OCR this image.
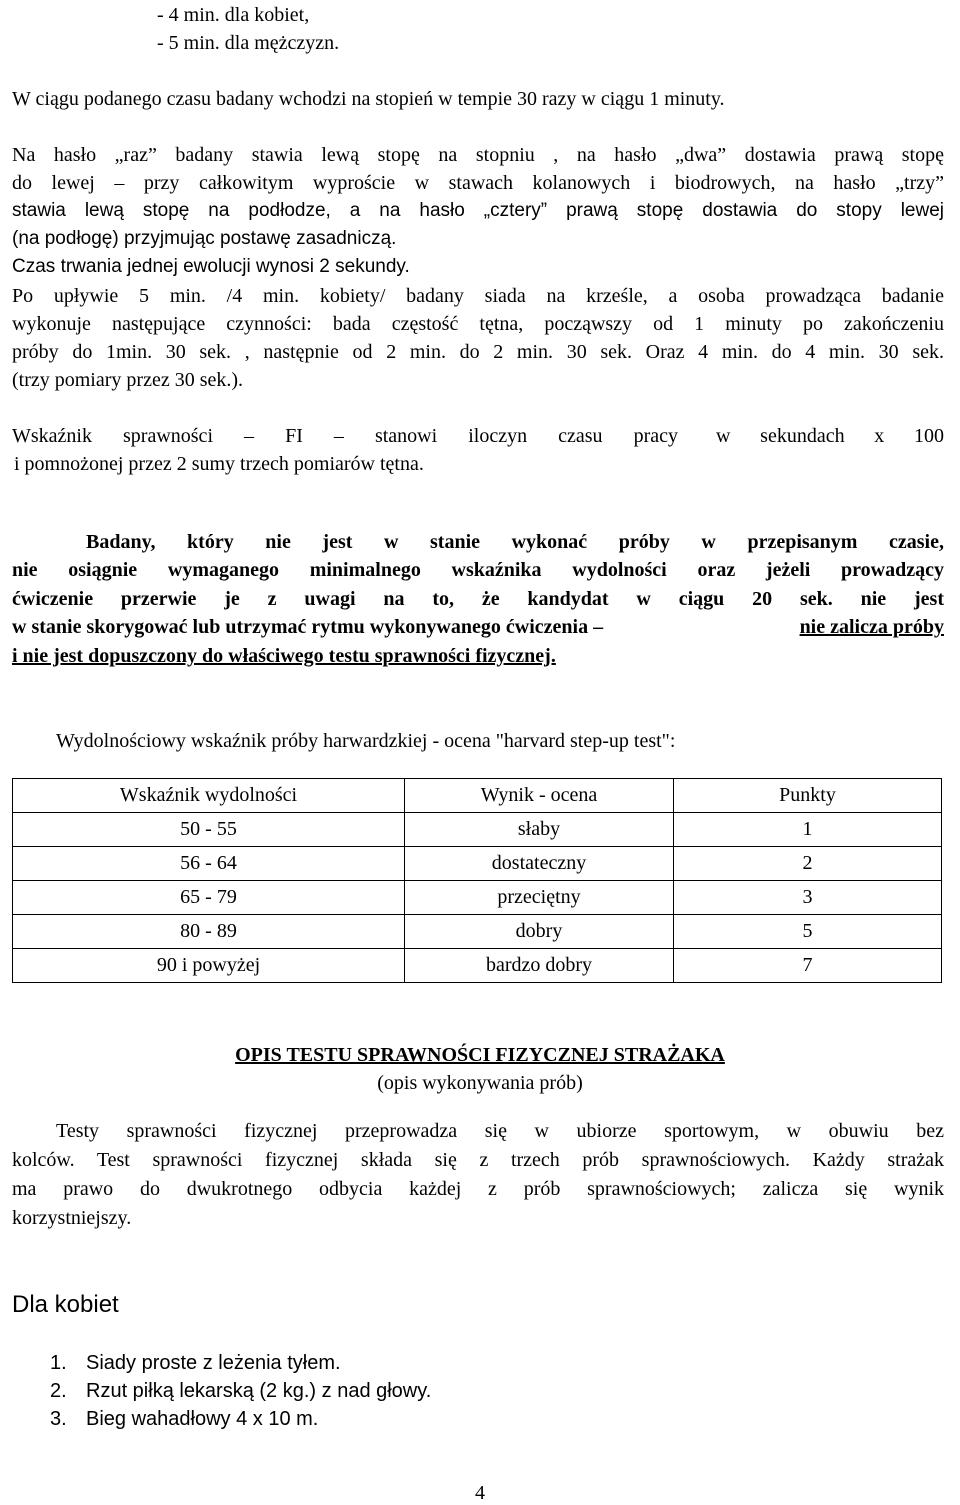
- 4 min. dla kobiet,

- 5 min. dla mężczyzn.

W ciągu podanego czasu badany wchodzi na stopień w tempie 30 razy w ciągu 1 minuty.

Na hasło „raz” badany stawia lewą stopę na stopniu , na hasło „dwa” dostawia prawą stopę

do lewej – przy całkowitym wyproście w stawach kolanowych i biodrowych, na hasło „trzy”

stawia lewą stopę na podłodze, a na hasło „cztery” prawą stopę dostawia do stopy lewej

(na podłogę) przyjmując postawę zasadniczą.

Czas trwania jednej ewolucji wynosi 2 sekundy.

Po upływie 5 min. /4 min. kobiety/ badany siada na krześle, a osoba prowadząca badanie

wykonuje następujące czynności: bada częstość tętna, począwszy od 1 minuty po zakończeniu

próby do 1min. 30 sek. , następnie od 2 min. do 2 min. 30 sek. Oraz 4 min. do 4 min. 30 sek.

(trzy pomiary przez 30 sek.).

Wskaźnik sprawności – FI – stanowi iloczyn czasu pracy w sekundach x 100

i pomnożonej przez 2 sumy trzech pomiarów tętna.

Badany, który nie jest w stanie wykonać próby w przepisanym czasie,

nie osiągnie wymaganego minimalnego wskaźnika wydolności oraz jeżeli prowadzący

ćwiczenie przerwie je z uwagi na to, że kandydat w ciągu 20 sek. nie jest

w stanie skorygować lub utrzymać rytmu wykonywanego ćwiczenia –	nie zalicza próby

i nie jest dopuszczony do właściwego testu sprawności fizycznej.

Wydolnościowy wskaźnik próby harwardzkiej - ocena "harvard step-up test":

Wskaźnik wydolności	Wynik - ocena	Punkty
50 - 55	słaby	1
56 - 64	dostateczny	2
65 - 79	przeciętny	3
80 - 89	dobry	5
90 i powyżej	bardzo dobry	7

OPIS TESTU SPRAWNOŚCI FIZYCZNEJ STRAŻAKA

(opis wykonywania prób)

Testy sprawności fizycznej przeprowadza się w ubiorze sportowym, w obuwiu bez

kolców. Test sprawności fizycznej składa się z trzech prób sprawnościowych. Każdy strażak

ma prawo do dwukrotnego odbycia każdej z prób sprawnościowych; zalicza się wynik

korzystniejszy.

Dla kobiet

1. Siady proste z leżenia tyłem.

2. Rzut piłką lekarską (2 kg.) z nad głowy.

3. Bieg wahadłowy 4 x 10 m.

4
